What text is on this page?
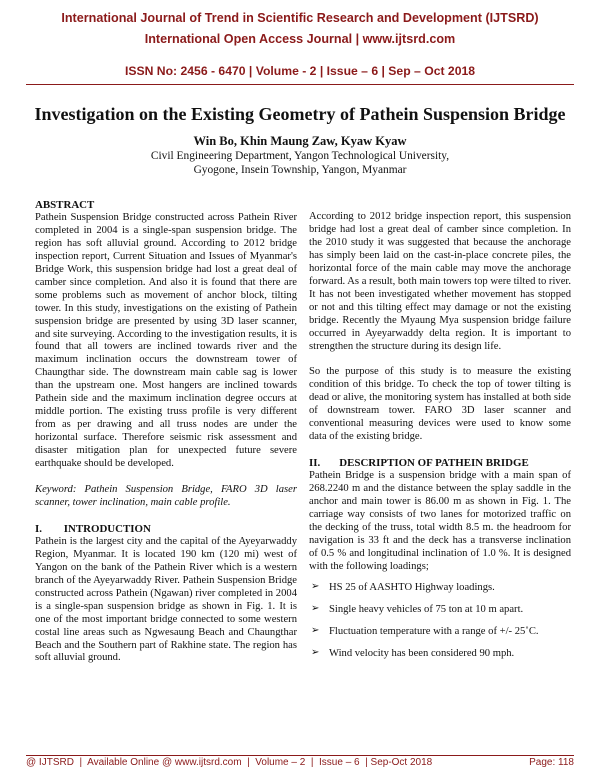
International Journal of Trend in Scientific Research and Development (IJTSRD)
International Open Access Journal | www.ijtsrd.com
ISSN No: 2456 - 6470 | Volume - 2 | Issue – 6 | Sep – Oct 2018
Investigation on the Existing Geometry of Pathein Suspension Bridge
Win Bo, Khin Maung Zaw, Kyaw Kyaw
Civil Engineering Department, Yangon Technological University,
Gyogone, Insein Township, Yangon, Myanmar
ABSTRACT

Pathein Suspension Bridge constructed across Pathein River completed in 2004 is a single-span suspension bridge. The region has soft alluvial ground. According to 2012 bridge inspection report, Current Situation and Issues of Myanmar's Bridge Work, this suspension bridge had lost a great deal of camber since completion. And also it is found that there are some problems such as movement of anchor block, tilting tower. In this study, investigations on the existing of Pathein suspension bridge are presented by using 3D laser scanner, and site surveying. According to the investigation results, it is found that all towers are inclined towards river and the maximum inclination occurs the downstream tower of Chaungthar side. The downstream main cable sag is lower than the upstream one. Most hangers are inclined towards Pathein side and the maximum inclination degree occurs at middle portion. The existing truss profile is very different from as per drawing and all truss nodes are under the horizontal surface. Therefore seismic risk assessment and disaster mitigation plan for unexpected future severe earthquake should be developed.

Keyword: Pathein Suspension Bridge, FARO 3D laser scanner, tower inclination, main cable profile.

I.        INTRODUCTION

Pathein is the largest city and the capital of the Ayeyarwaddy Region, Myanmar. It is located 190 km (120 mi) west of Yangon on the bank of the Pathein River which is a western branch of the Ayeyarwaddy River. Pathein Suspension Bridge constructed across Pathein (Ngawan) river completed in 2004 is a single-span suspension bridge as shown in Fig. 1. It is one of the most important bridge connected to some western costal line areas such as Ngwesaung Beach and Chaungthar Beach and the Southern part of Rakhine state. The region has soft alluvial ground.

According to 2012 bridge inspection report, this suspension bridge had lost a great deal of camber since completion. In the 2010 study it was suggested that because the anchorage has simply been laid on the cast-in-place concrete piles, the horizontal force of the main cable may move the anchorage forward. As a result, both main towers top were tilted to river. It has not been investigated whether movement has stopped or not and this tilting effect may damage or not the existing bridge. Recently the Myaung Mya suspension bridge failure occurred in Ayeyarwaddy delta region. It is important to strengthen the structure during its design life.

So the purpose of this study is to measure the existing condition of this bridge. To check the top of tower tilting is dead or alive, the monitoring system has installed at both side of downstream tower. FARO 3D laser scanner and conventional measuring devices were used to know some data of the existing bridge.

II.       DESCRIPTION OF PATHEIN BRIDGE

Pathein Bridge is a suspension bridge with a main span of 268.2240 m and the distance between the splay saddle in the anchor and main tower is 86.00 m as shown in Fig. 1. The carriage way consists of two lanes for motorized traffic on the decking of the truss, total width 8.5 m. the headroom for navigation is 33 ft and the deck has a transverse inclination of 0.5 % and longitudinal inclination of 1.0 %. It is designed with the following loadings;

➢ HS 25 of AASHTO Highway loadings.
➢ Single heavy vehicles of 75 ton at 10 m apart.
➢ Fluctuation temperature with a range of +/- 25˚C.
➢ Wind velocity has been considered 90 mph.
@ IJTSRD  |  Available Online @ www.ijtsrd.com  |  Volume – 2  |  Issue – 6  | Sep-Oct 2018	Page: 118
